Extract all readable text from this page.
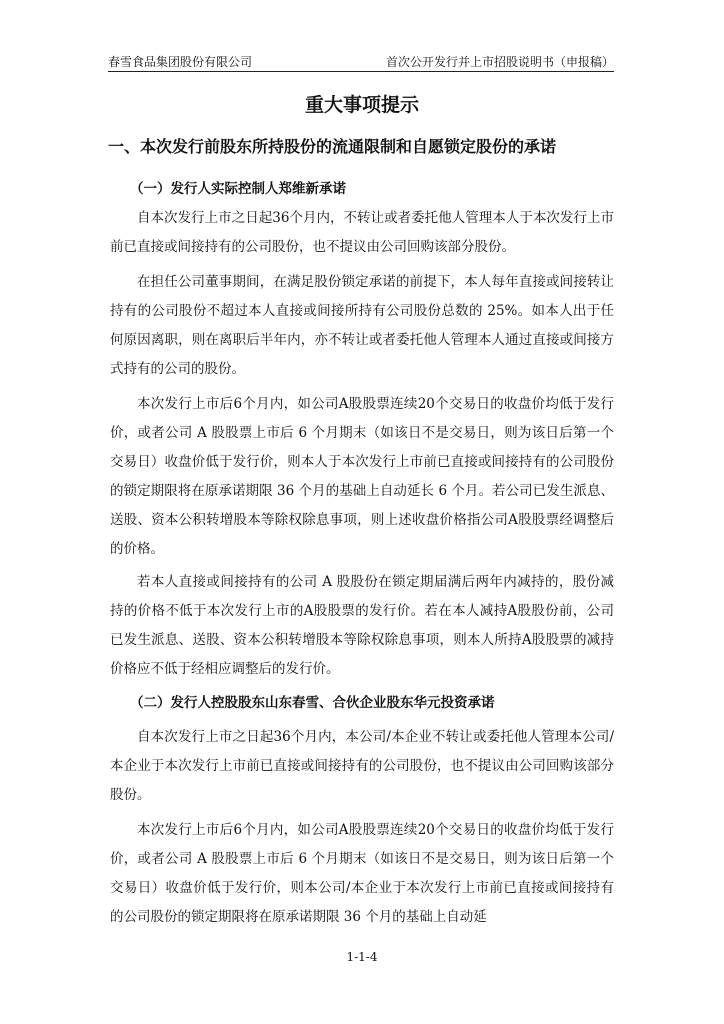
春雪食品集团股份有限公司	首次公开发行并上市招股说明书（申报稿）
重大事项提示
一、本次发行前股东所持股份的流通限制和自愿锁定股份的承诺
（一）发行人实际控制人郑维新承诺

自本次发行上市之日起36个月内，不转让或者委托他人管理本人于本次发行上市前已直接或间接持有的公司股份，也不提议由公司回购该部分股份。

在担任公司董事期间，在满足股份锁定承诺的前提下，本人每年直接或间接转让持有的公司股份不超过本人直接或间接所持有公司股份总数的 25%。如本人出于任何原因离职，则在离职后半年内，亦不转让或者委托他人管理本人通过直接或间接方式持有的公司的股份。

本次发行上市后6个月内，如公司A股股票连续20个交易日的收盘价均低于发行价，或者公司 A 股股票上市后 6 个月期末（如该日不是交易日，则为该日后第一个交易日）收盘价低于发行价，则本人于本次发行上市前已直接或间接持有的公司股份的锁定期限将在原承诺期限 36 个月的基础上自动延长 6 个月。若公司已发生派息、送股、资本公积转增股本等除权除息事项，则上述收盘价格指公司A股股票经调整后的价格。

若本人直接或间接持有的公司 A 股股份在锁定期届满后两年内减持的，股份减持的价格不低于本次发行上市的A股股票的发行价。若在本人减持A股股份前，公司已发生派息、送股、资本公积转增股本等除权除息事项，则本人所持A股股票的减持价格应不低于经相应调整后的发行价。

（二）发行人控股股东山东春雪、合伙企业股东华元投资承诺

自本次发行上市之日起36个月内，本公司/本企业不转让或委托他人管理本公司/本企业于本次发行上市前已直接或间接持有的公司股份，也不提议由公司回购该部分股份。

本次发行上市后6个月内，如公司A股股票连续20个交易日的收盘价均低于发行价，或者公司 A 股股票上市后 6 个月期末（如该日不是交易日，则为该日后第一个交易日）收盘价低于发行价，则本公司/本企业于本次发行上市前已直接或间接持有的公司股份的锁定期限将在原承诺期限 36 个月的基础上自动延

1-1-4
